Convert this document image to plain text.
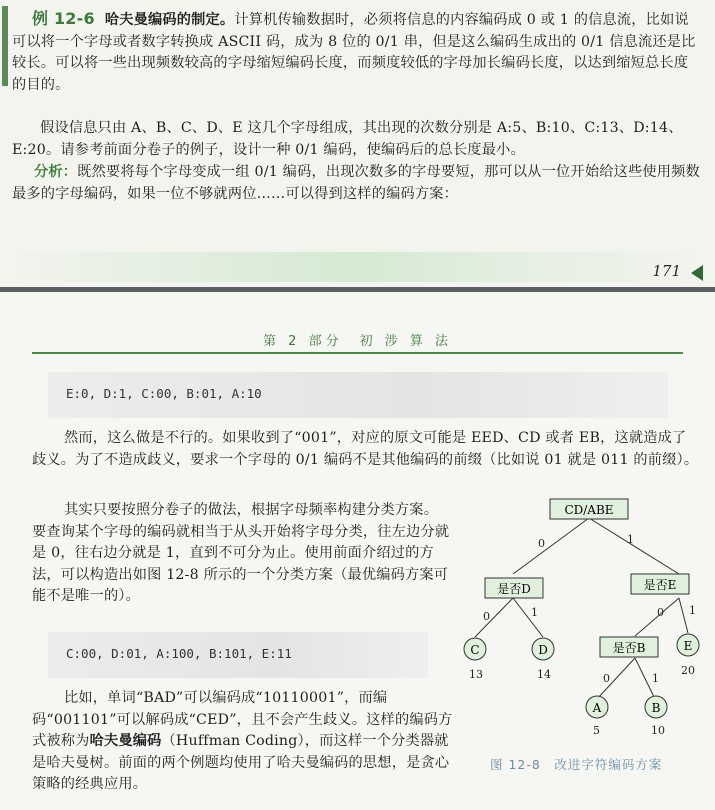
例 12-6 哈夫曼编码的制定。计算机传输数据时，必须将信息的内容编码成 0 或 1 的信息流，比如说可以将一个字母或者数字转换成 ASCII 码，成为 8 位的 0/1 串，但是这么编码生成出的 0/1 信息流还是比较长。可以将一些出现频数较高的字母缩短编码长度，而频度较低的字母加长编码长度，以达到缩短总长度的目的。

假设信息只由 A、B、C、D、E 这几个字母组成，其出现的次数分别是 A:5、B:10、C:13、D:14、E:20。请参考前面分卷子的例子，设计一种 0/1 编码，使编码后的总长度最小。

分析：既然要将每个字母变成一组 0/1 编码，出现次数多的字母要短，那可以从一位开始给这些使用频数最多的字母编码，如果一位不够就两位……可以得到这样的编码方案：

171
第 2 部分　初 涉 算 法
E:0, D:1, C:00, B:01, A:10

然而，这么做是不行的。如果收到了“001”，对应的原文可能是 EED、CD 或者 EB，这就造成了歧义。为了不造成歧义，要求一个字母的 0/1 编码不是其他编码的前缀（比如说 01 就是 011 的前缀）。

其实只要按照分卷子的做法，根据字母频率构建分类方案。要查询某个字母的编码就相当于从头开始将字母分类，往左边分就是 0，往右边分就是 1，直到不可分为止。使用前面介绍过的方法，可以构造出如图 12-8 所示的一个分类方案（最优编码方案可能不是唯一的）。

C:00, D:01, A:100, B:101, E:11

比如，单词“BAD”可以编码成“10110001”，而编码“001101”可以解码成“CED”，且不会产生歧义。这样的编码方式被称为哈夫曼编码（Huffman Coding），而这样一个分类器就是哈夫曼树。前面的两个例题均使用了哈夫曼编码的思想，是贪心策略的经典应用。

CD/ABE
是否D	是否E
是否B
C	D	E
A	B
0	1
0	1	0 1
0	1
13	14	20
5	10
图 12-8　改进字符编码方案
